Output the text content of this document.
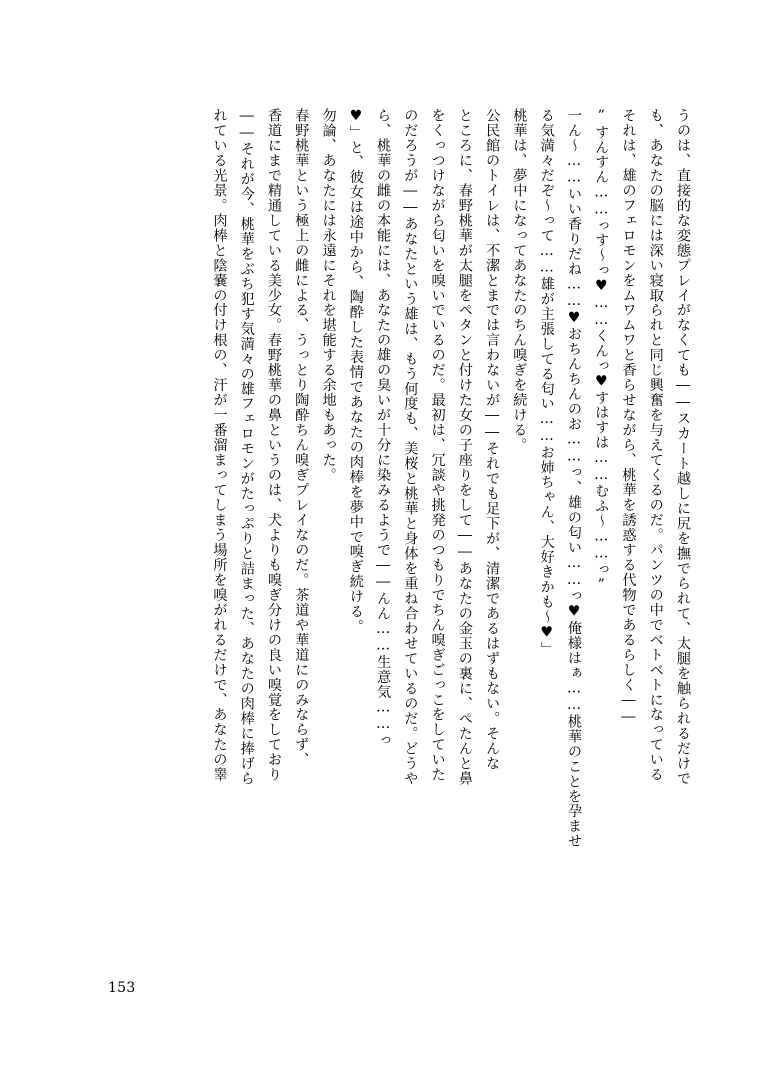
うのは、直接的な変態プレイがなくても――スカート越しに尻を撫でられて、太腿を触られるだけで

も、あなたの脳には深い寝取られと同じ興奮を与えてくるのだ。パンツの中でベトベトになっている

それは、雄のフェロモンをムワムワと香らせながら、桃華を誘惑する代物であるらしく――

”すんすん……っす～っ♥……くんっ♥すはすは……むふ～……っ”

一ん～……いい香りだね……♥おちんちんのお……っ、雄の匂い……っ♥俺様はぁ……桃華のことを孕ませ

る気満々だぞ～って……雄が主張してる匂い……お姉ちゃん、大好きかも～♥」

桃華は、夢中になってあなたのちん嗅ぎを続ける。

公民館のトイレは、不潔とまでは言わないが――それでも足下が、清潔であるはずもない。そんな

ところに、春野桃華が太腿をペタンと付けた女の子座りをして――あなたの金玉の裏に、ぺたんと鼻

をくっつけながら匂いを嗅いでいるのだ。最初は、冗談や挑発のつもりでちん嗅ぎごっこをしていた

のだろうが――あなたという雄は、もう何度も、美桜と桃華と身体を重ね合わせているのだ。どうや

ら、桃華の雌の本能には、あなたの雄の臭いが十分に染みるようで――んん……生意気……っ

♥」と、彼女は途中から、陶酔した表情であなたの肉棒を夢中で嗅ぎ続ける。

勿論、あなたには永遠にそれを堪能する余地もあった。

春野桃華という極上の雌による、うっとり陶酔ちん嗅ぎプレイなのだ。茶道や華道にのみならず、

香道にまで精通している美少女。春野桃華の鼻というのは、犬よりも嗅ぎ分けの良い嗅覚をしており

――それが今、桃華をぶち犯す気満々の雄フェロモンがたっぷりと詰まった、あなたの肉棒に捧げら

れている光景。肉棒と陰嚢の付け根の、汗が一番溜まってしまう場所を嗅がれるだけで、あなたの睾

153
